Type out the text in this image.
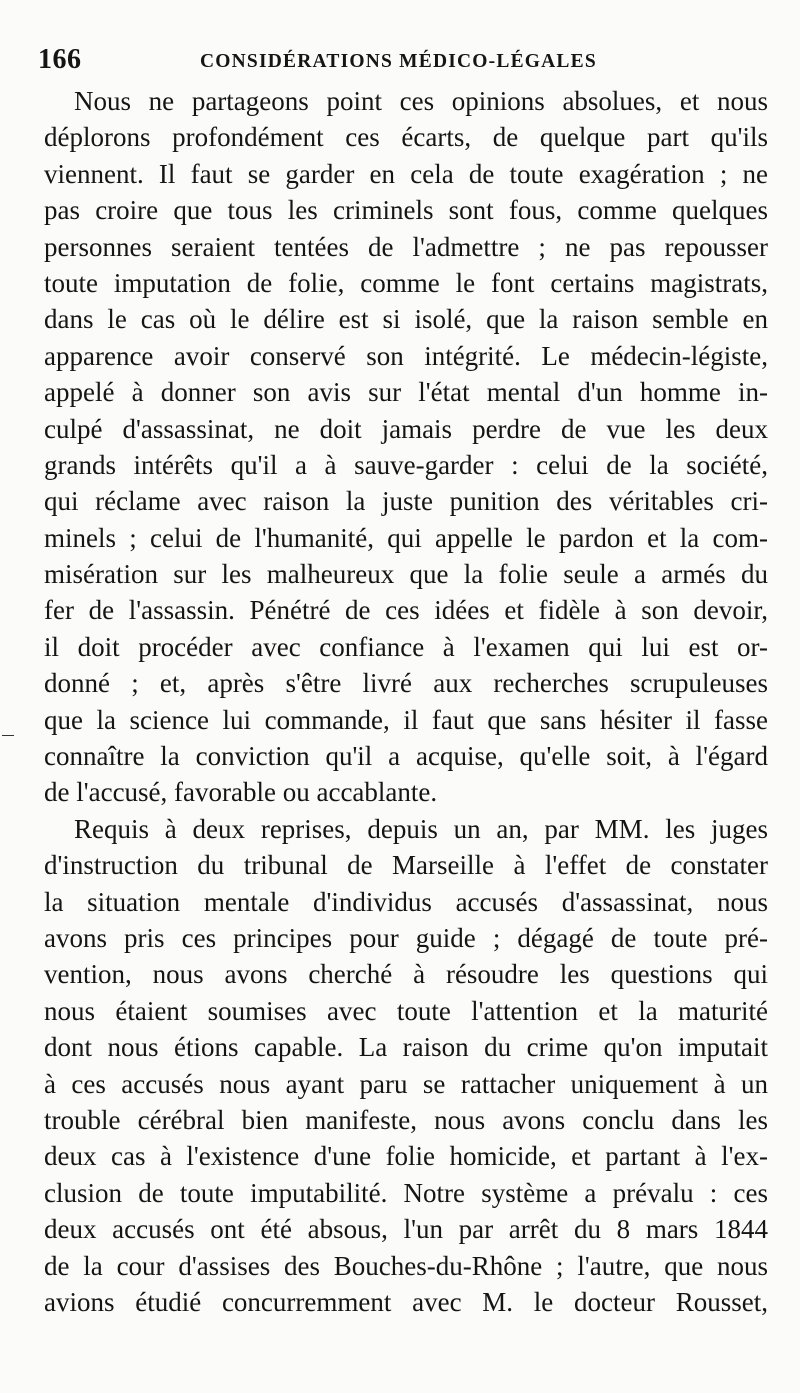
166	CONSIDÉRATIONS MÉDICO-LÉGALES
Nous ne partageons point ces opinions absolues, et nous
déplorons profondément ces écarts, de quelque part qu'ils
viennent. Il faut se garder en cela de toute exagération ; ne
pas croire que tous les criminels sont fous, comme quelques
personnes seraient tentées de l'admettre ; ne pas repousser
toute imputation de folie, comme le font certains magistrats,
dans le cas où le délire est si isolé, que la raison semble en
apparence avoir conservé son intégrité. Le médecin-légiste,
appelé à donner son avis sur l'état mental d'un homme in-
culpé d'assassinat, ne doit jamais perdre de vue les deux
grands intérêts qu'il a à sauve-garder : celui de la société,
qui réclame avec raison la juste punition des véritables cri-
minels ; celui de l'humanité, qui appelle le pardon et la com-
misération sur les malheureux que la folie seule a armés du
fer de l'assassin. Pénétré de ces idées et fidèle à son devoir,
il doit procéder avec confiance à l'examen qui lui est or-
donné ; et, après s'être livré aux recherches scrupuleuses
que la science lui commande, il faut que sans hésiter il fasse
connaître la conviction qu'il a acquise, qu'elle soit, à l'égard
de l'accusé, favorable ou accablante.
Requis à deux reprises, depuis un an, par MM. les juges
d'instruction du tribunal de Marseille à l'effet de constater
la situation mentale d'individus accusés d'assassinat, nous
avons pris ces principes pour guide ; dégagé de toute pré-
vention, nous avons cherché à résoudre les questions qui
nous étaient soumises avec toute l'attention et la maturité
dont nous étions capable. La raison du crime qu'on imputait
à ces accusés nous ayant paru se rattacher uniquement à un
trouble cérébral bien manifeste, nous avons conclu dans les
deux cas à l'existence d'une folie homicide, et partant à l'ex-
clusion de toute imputabilité. Notre système a prévalu : ces
deux accusés ont été absous, l'un par arrêt du 8 mars 1844
de la cour d'assises des Bouches-du-Rhône ; l'autre, que nous
avions étudié concurremment avec M. le docteur Rousset,
